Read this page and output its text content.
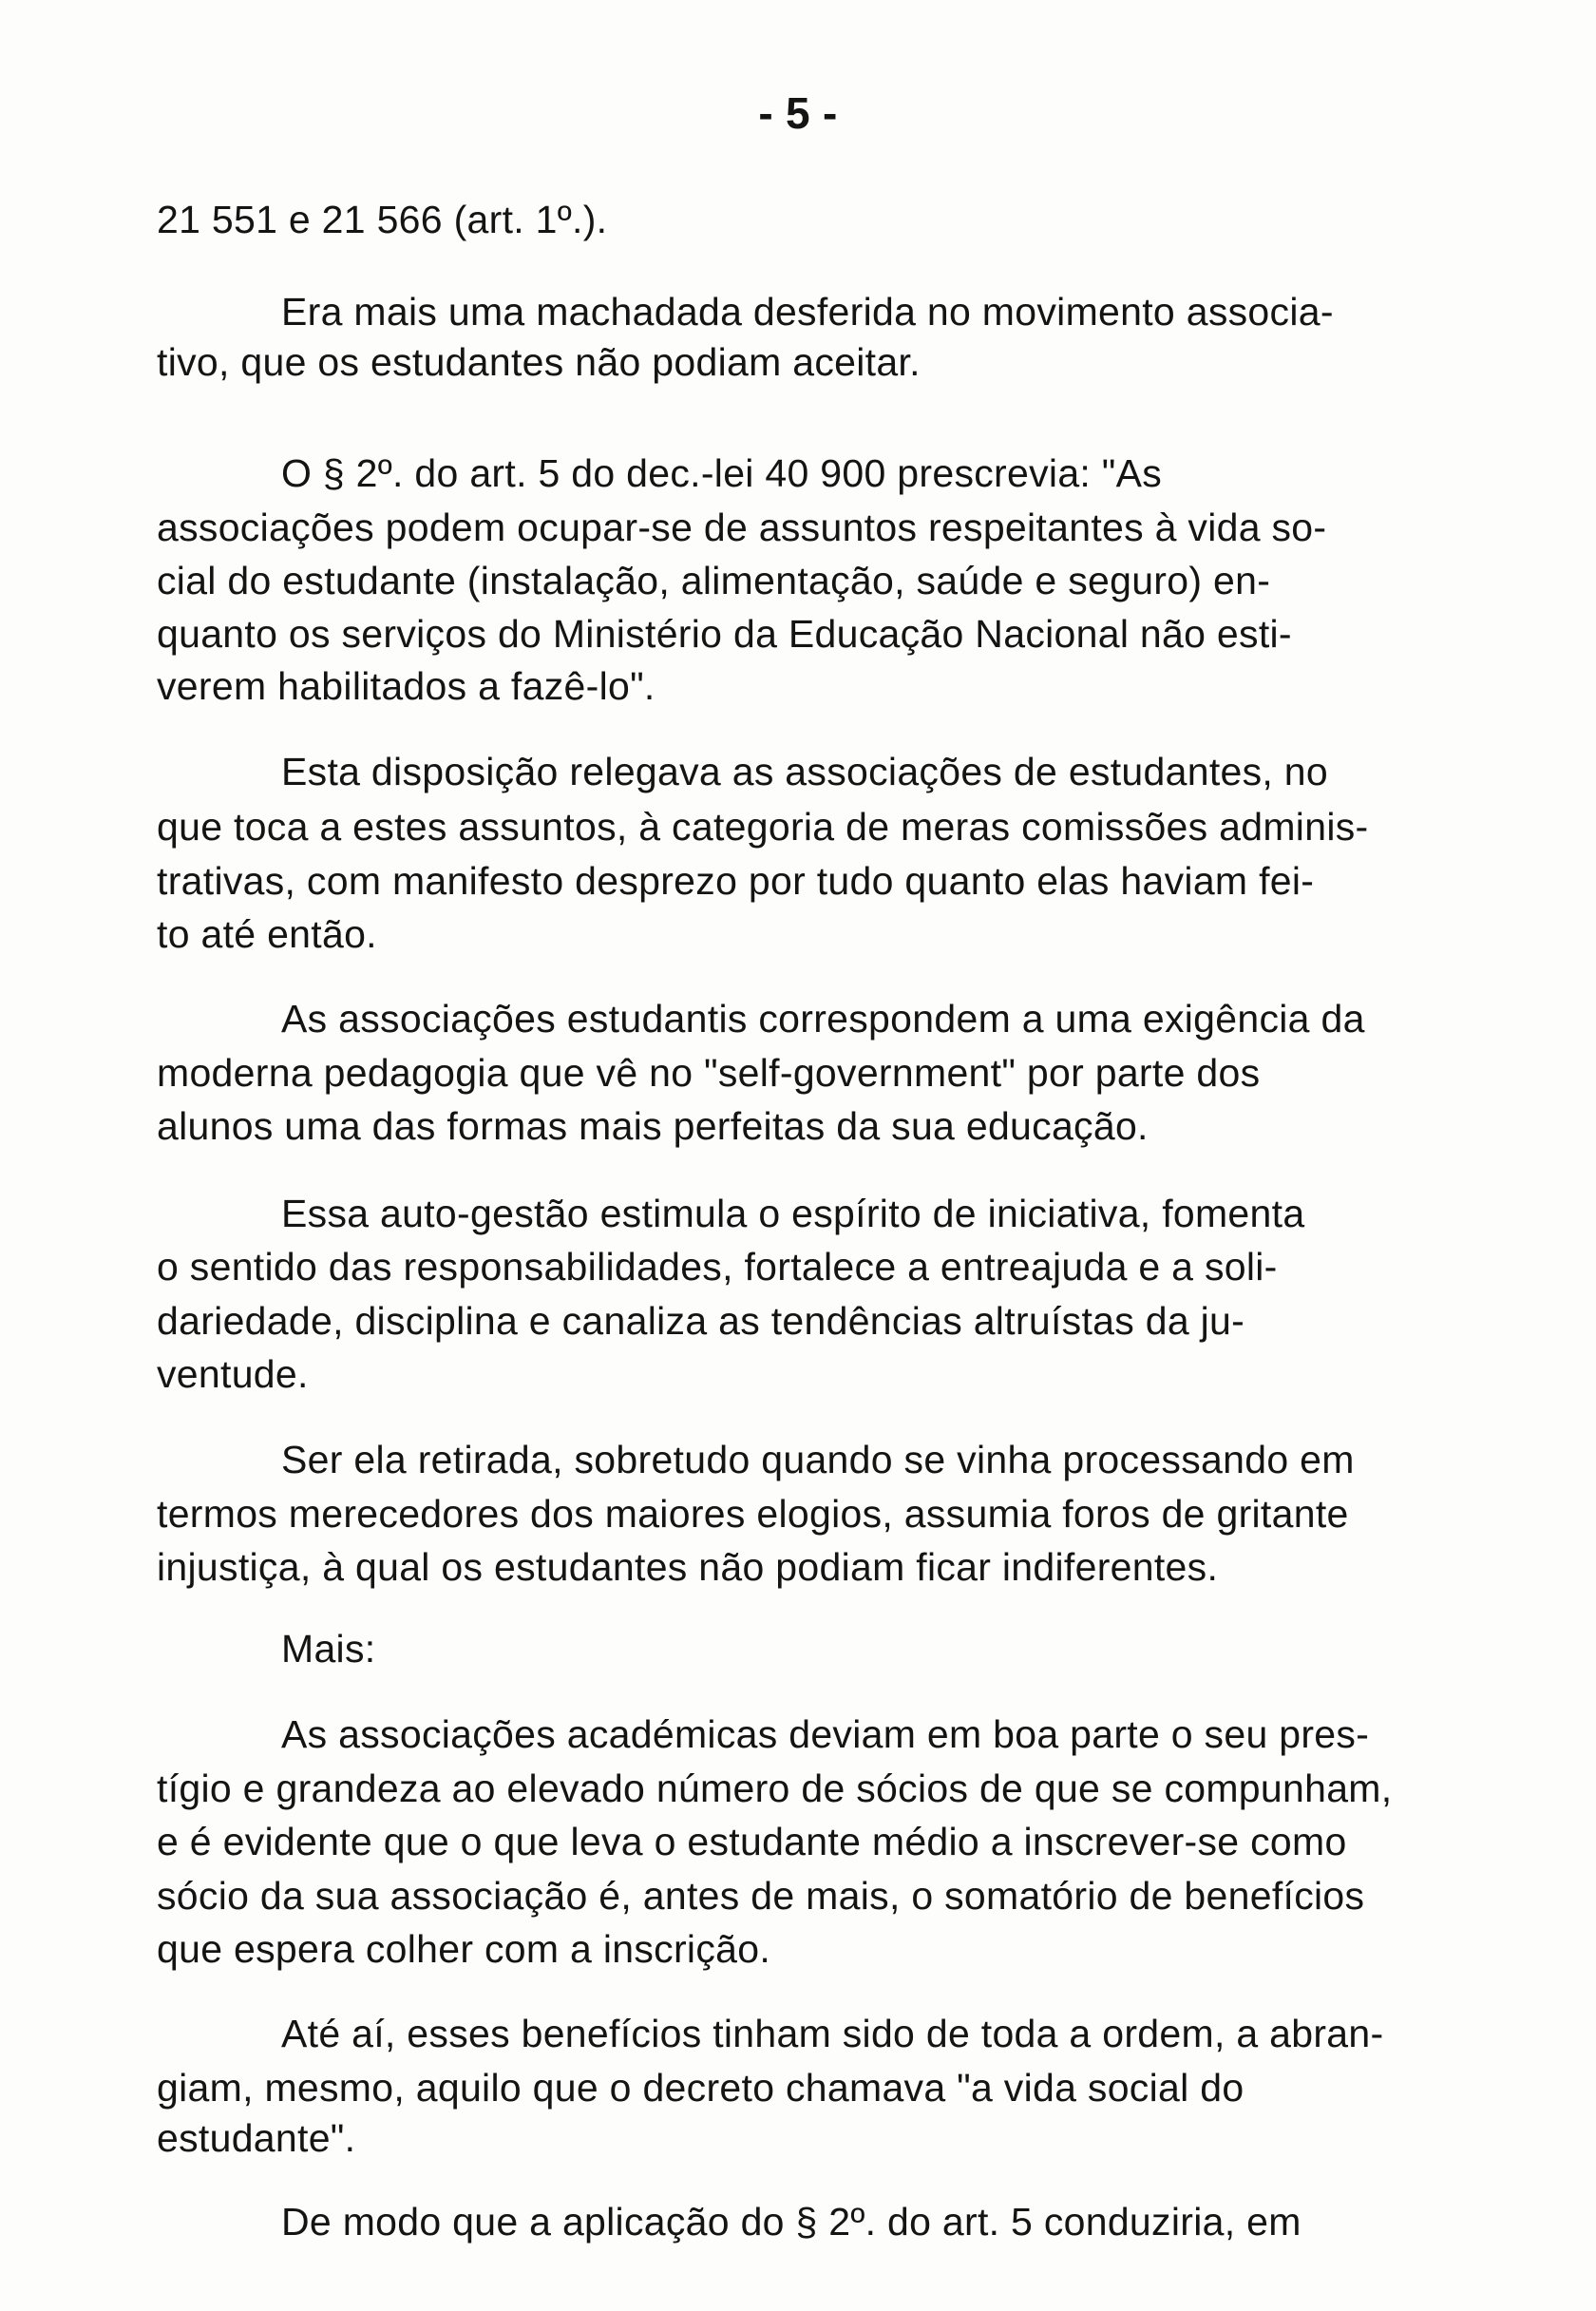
- 5 -
21 551 e 21 566 (art. 1º.).
Era mais uma machadada desferida no movimento associa-
tivo, que os estudantes não podiam aceitar.
O § 2º. do art. 5 do dec.-lei 40 900 prescrevia: "As
associações podem ocupar-se de assuntos respeitantes à vida so-
cial do estudante (instalação, alimentação, saúde e seguro) en-
quanto os serviços do Ministério da Educação Nacional não esti-
verem habilitados a fazê-lo".
Esta disposição relegava as associações de estudantes, no
que toca a estes assuntos, à categoria de meras comissões adminis-
trativas, com manifesto desprezo por tudo quanto elas haviam fei-
to até então.
As associações estudantis correspondem a uma exigência da
moderna pedagogia que vê no "self-government" por parte dos
alunos uma das formas mais perfeitas da sua educação.
Essa auto-gestão estimula o espírito de iniciativa, fomenta
o sentido das responsabilidades, fortalece a entreajuda e a soli-
dariedade, disciplina e canaliza as tendências altruístas da ju-
ventude.
Ser ela retirada, sobretudo quando se vinha processando em
termos merecedores dos maiores elogios, assumia foros de gritante
injustiça, à qual os estudantes não podiam ficar indiferentes.
Mais:
As associações académicas deviam em boa parte o seu pres-
tígio e grandeza ao elevado número de sócios de que se compunham,
e é evidente que o que leva o estudante médio a inscrever-se como
sócio da sua associação é, antes de mais, o somatório de benefícios
que espera colher com a inscrição.
Até aí, esses benefícios tinham sido de toda a ordem, a abran-
giam, mesmo, aquilo que o decreto chamava "a vida social do
estudante".
De modo que a aplicação do § 2º. do art. 5 conduziria, em
